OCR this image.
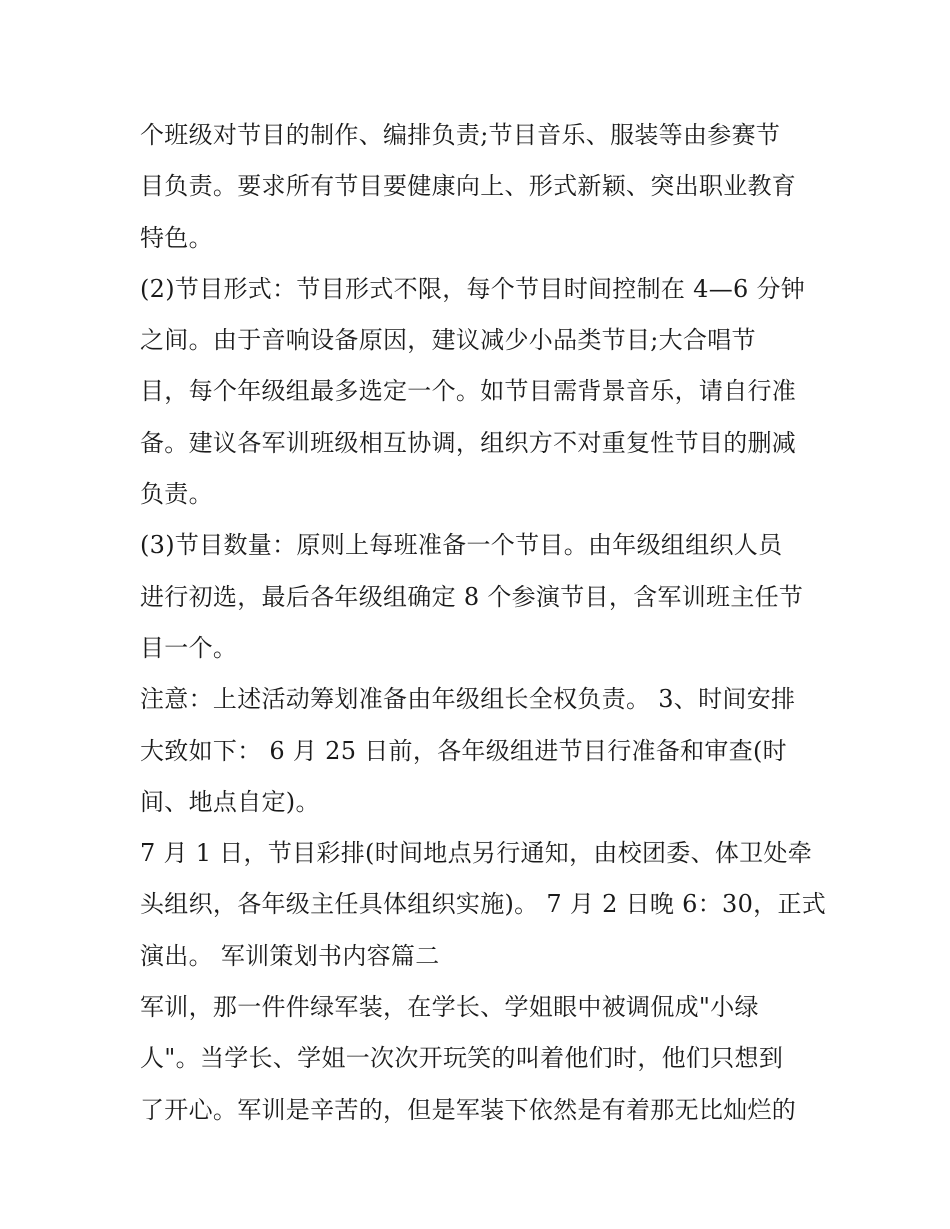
个班级对节目的制作、编排负责;节目音乐、服装等由参赛节
目负责。要求所有节目要健康向上、形式新颖、突出职业教育
特色。
(2)节目形式：节目形式不限，每个节目时间控制在 4—6 分钟
之间。由于音响设备原因，建议减少小品类节目;大合唱节
目，每个年级组最多选定一个。如节目需背景音乐，请自行准
备。建议各军训班级相互协调，组织方不对重复性节目的删减
负责。
(3)节目数量：原则上每班准备一个节目。由年级组组织人员
进行初选，最后各年级组确定 8 个参演节目，含军训班主任节
目一个。
注意：上述活动筹划准备由年级组长全权负责。 3、时间安排
大致如下： 6 月 25 日前，各年级组进节目行准备和审查(时
间、地点自定)。
7 月 1 日，节目彩排(时间地点另行通知，由校团委、体卫处牵
头组织，各年级主任具体组织实施)。 7 月 2 日晚 6：30，正式
演出。 军训策划书内容篇二
军训，那一件件绿军装，在学长、学姐眼中被调侃成"小绿
人"。当学长、学姐一次次开玩笑的叫着他们时，他们只想到
了开心。军训是辛苦的，但是军装下依然是有着那无比灿烂的
